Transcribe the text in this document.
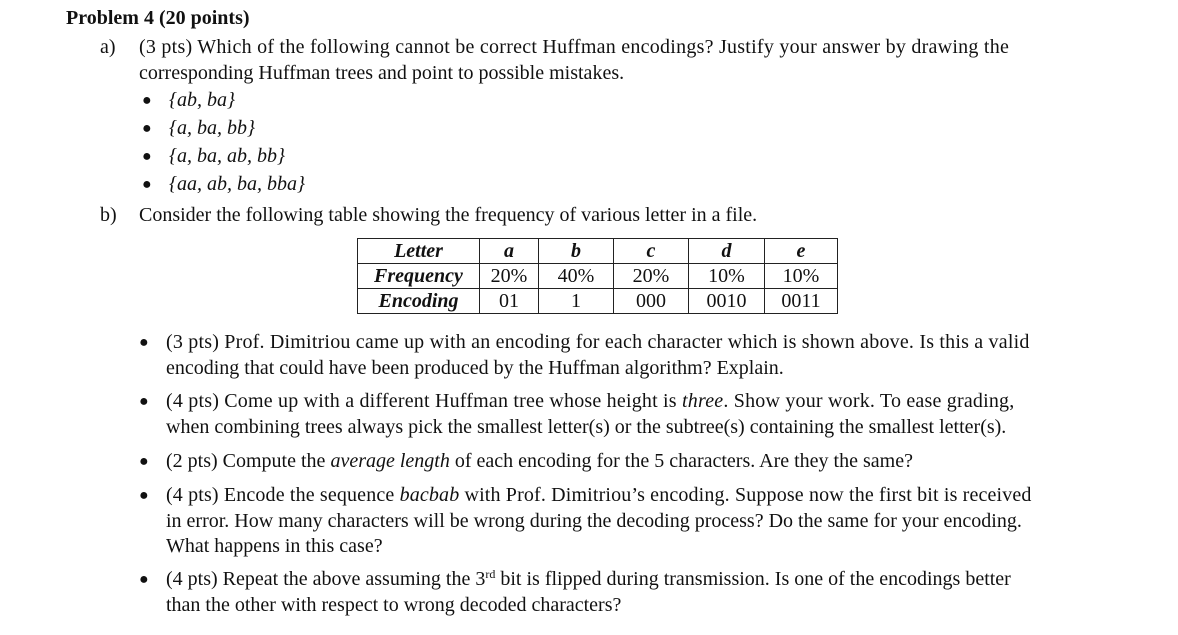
Problem 4 (20 points)
a) (3 pts) Which of the following cannot be correct Huffman encodings? Justify your answer by drawing the
corresponding Huffman trees and point to possible mistakes.
● {ab, ba}
● {a, ba, bb}
● {a, ba, ab, bb}
● {aa, ab, ba, bba}
b) Consider the following table showing the frequency of various letter in a file.
Letter	a	b	c	d	e
Frequency	20%	40%	20%	10%	10%
Encoding	01	1	000	0010	0011
● (3 pts) Prof. Dimitriou came up with an encoding for each character which is shown above. Is this a valid
encoding that could have been produced by the Huffman algorithm? Explain.
● (4 pts) Come up with a different Huffman tree whose height is three. Show your work. To ease grading,
when combining trees always pick the smallest letter(s) or the subtree(s) containing the smallest letter(s).
● (2 pts) Compute the average length of each encoding for the 5 characters. Are they the same?
● (4 pts) Encode the sequence bacbab with Prof. Dimitriou’s encoding. Suppose now the first bit is received
in error. How many characters will be wrong during the decoding process? Do the same for your encoding.
What happens in this case?
● (4 pts) Repeat the above assuming the 3rd bit is flipped during transmission. Is one of the encodings better
than the other with respect to wrong decoded characters?
